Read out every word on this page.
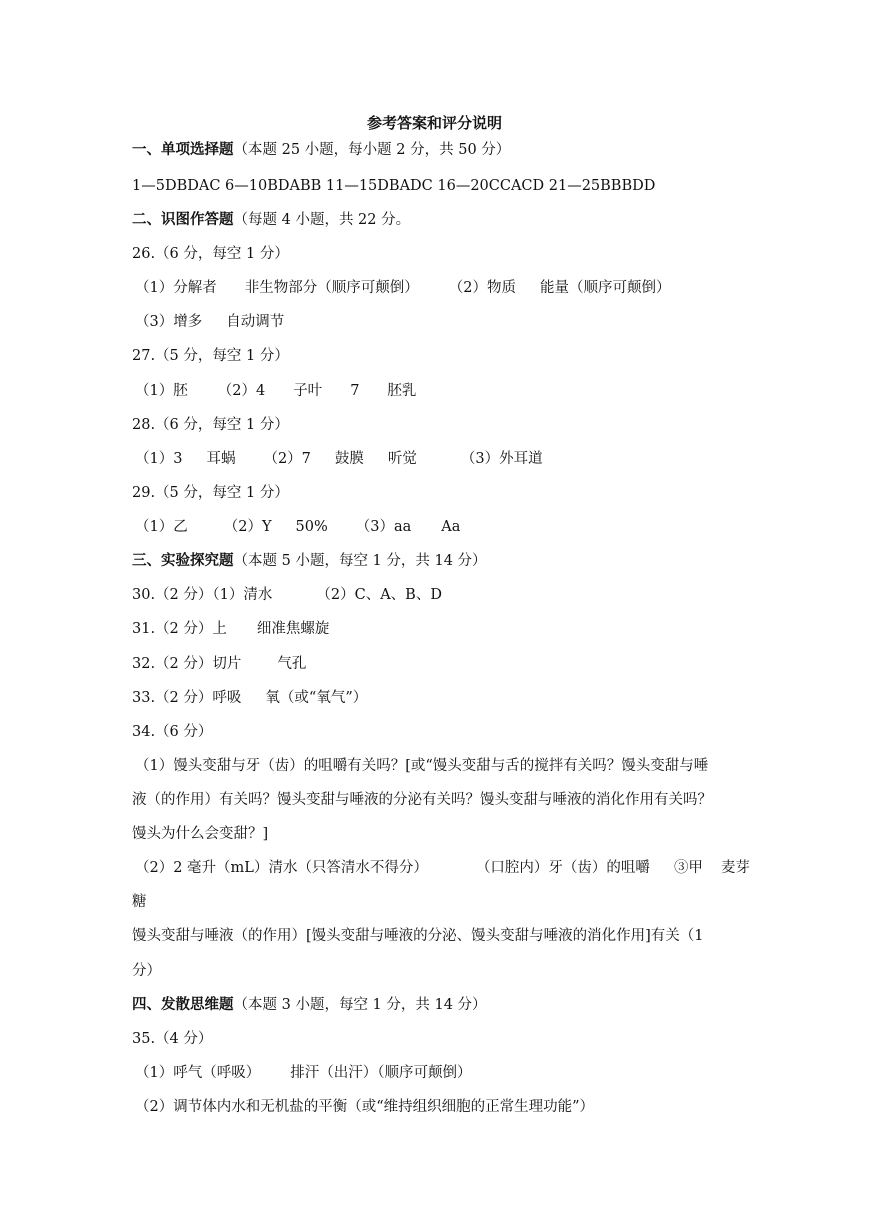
参考答案和评分说明
一、单项选择题（本题 25 小题，每小题 2 分，共 50 分）
1—5DBDAC 6—10BDABB 11—15DBADC 16—20CCACD 21—25BBBDD
二、识图作答题（每题 4 小题，共 22 分。
26.（6 分，每空 1 分）
（1）分解者 非生物部分（顺序可颠倒） （2）物质 能量（顺序可颠倒）
（3）增多 自动调节
27.（5 分，每空 1 分）
（1）胚 （2）4 子叶 7 胚乳
28.（6 分，每空 1 分）
（1）3 耳蜗 （2）7 鼓膜 听觉	（3）外耳道
29.（5 分，每空 1 分）
（1）乙 （2）Y 50% （3）aa Aa
三、实验探究题（本题 5 小题，每空 1 分，共 14 分）
30.（2 分）（1）清水	（2）C、A、B、D
31.（2 分）上 细准焦螺旋
32.（2 分）切片 气孔
33.（2 分）呼吸 氧（或“氧气”）
34.（6 分）
（1）馒头变甜与牙（齿）的咀嚼有关吗？[或“馒头变甜与舌的搅拌有关吗？馒头变甜与唾
液（的作用）有关吗？馒头变甜与唾液的分泌有关吗？馒头变甜与唾液的消化作用有关吗？
馒头为什么会变甜？]
（2）2 毫升（mL）清水（只答清水不得分）	（口腔内）牙（齿）的咀嚼 ③甲 麦芽
糖
馒头变甜与唾液（的作用）[馒头变甜与唾液的分泌、馒头变甜与唾液的消化作用]有关（1
分）
四、发散思维题（本题 3 小题，每空 1 分，共 14 分）
35.（4 分）
（1）呼气（呼吸） 排汗（出汗）（顺序可颠倒）
（2）调节体内水和无机盐的平衡（或“维持组织细胞的正常生理功能”）
